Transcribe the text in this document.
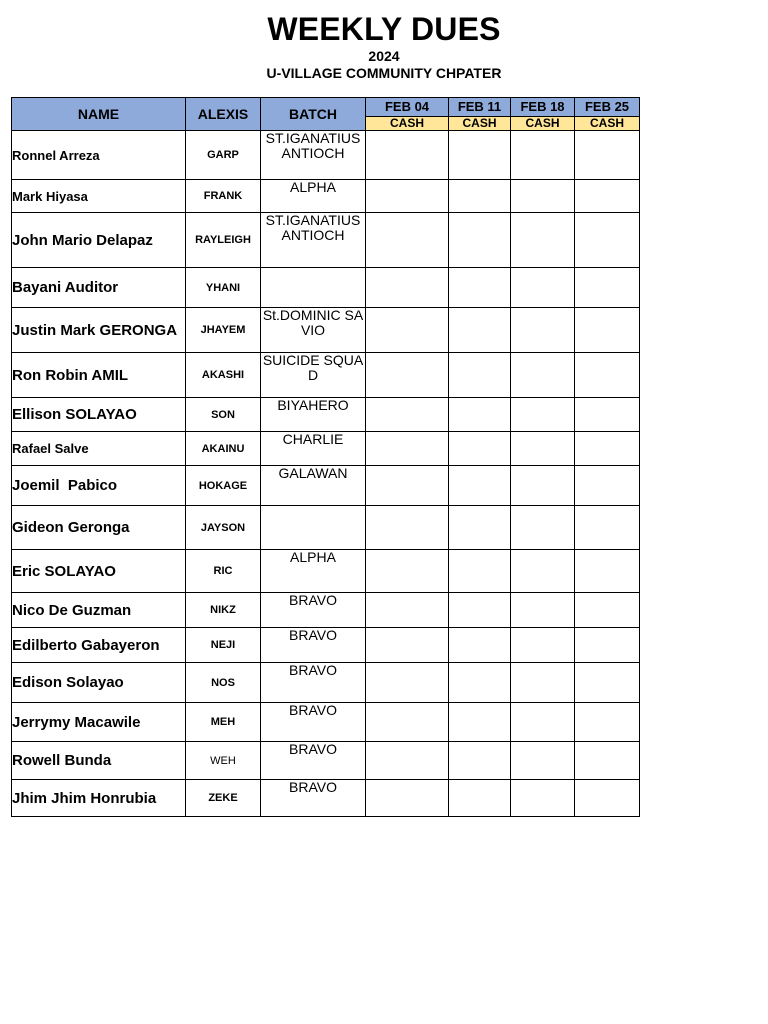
WEEKLY DUES
2024
U-VILLAGE COMMUNITY CHPATER
NAME	ALEXIS	BATCH	FEB 04	FEB 11	FEB 18	FEB 25
			CASH	CASH	CASH	CASH
Ronnel Arreza	GARP	ST.IGANATIUS ANTIOCH				
Mark Hiyasa	FRANK	ALPHA				
John Mario Delapaz	RAYLEIGH	ST.IGANATIUS ANTIOCH				
Bayani Auditor	YHANI					
Justin Mark GERONGA	JHAYEM	St.DOMINIC SAVIO				
Ron Robin AMIL	AKASHI	SUICIDE SQUAD				
Ellison SOLAYAO	SON	BIYAHERO				
Rafael Salve	AKAINU	CHARLIE				
Joemil  Pabico	HOKAGE	GALAWAN				
Gideon Geronga	JAYSON					
Eric SOLAYAO	RIC	ALPHA				
Nico De Guzman	NIKZ	BRAVO				
Edilberto Gabayeron	NEJI	BRAVO				
Edison Solayao	NOS	BRAVO				
Jerrymy Macawile	MEH	BRAVO				
Rowell Bunda	WEH	BRAVO				
Jhim Jhim Honrubia	ZEKE	BRAVO				
